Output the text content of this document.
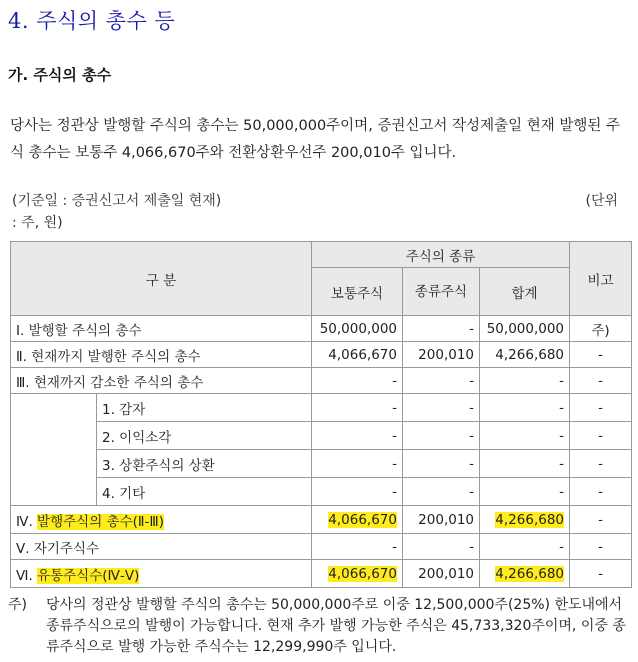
4. 주식의 총수 등
가. 주식의 총수
당사는 정관상 발행할 주식의 총수는 50,000,000주이며, 증권신고서 작성제출일 현재 발행된 주식 총수는 보통주 4,066,670주와 전환상환우선주 200,010주 입니다.
(기준일 : 증권신고서 제출일 현재)
: 주, 원)
(단위
구 분		주식의 종류			비고
		보통주식	종류주식	합계	
Ⅰ. 발행할 주식의 총수		50,000,000	-	50,000,000	주)
Ⅱ. 현재까지 발행한 주식의 총수		4,066,670	200,010	4,266,680	-
Ⅲ. 현재까지 감소한 주식의 총수		-	-	-	-
	1. 감자	-	-	-	-
	2. 이익소각	-	-	-	-
	3. 상환주식의 상환	-	-	-	-
	4. 기타	-	-	-	-
Ⅳ. 발행주식의 총수(Ⅱ-Ⅲ)		4,066,670	200,010	4,266,680	-
Ⅴ. 자기주식수		-	-	-	-
Ⅵ. 유통주식수(Ⅳ-Ⅴ)		4,066,670	200,010	4,266,680	-
주) 당사의 정관상 발행할 주식의 총수는 50,000,000주로 이중 12,500,000주(25%) 한도내에서 종류주식으로의 발행이 가능합니다. 현재 추가 발행 가능한 주식은 45,733,320주이며, 이중 종류주식으로 발행 가능한 주식수는 12,299,990주 입니다.
